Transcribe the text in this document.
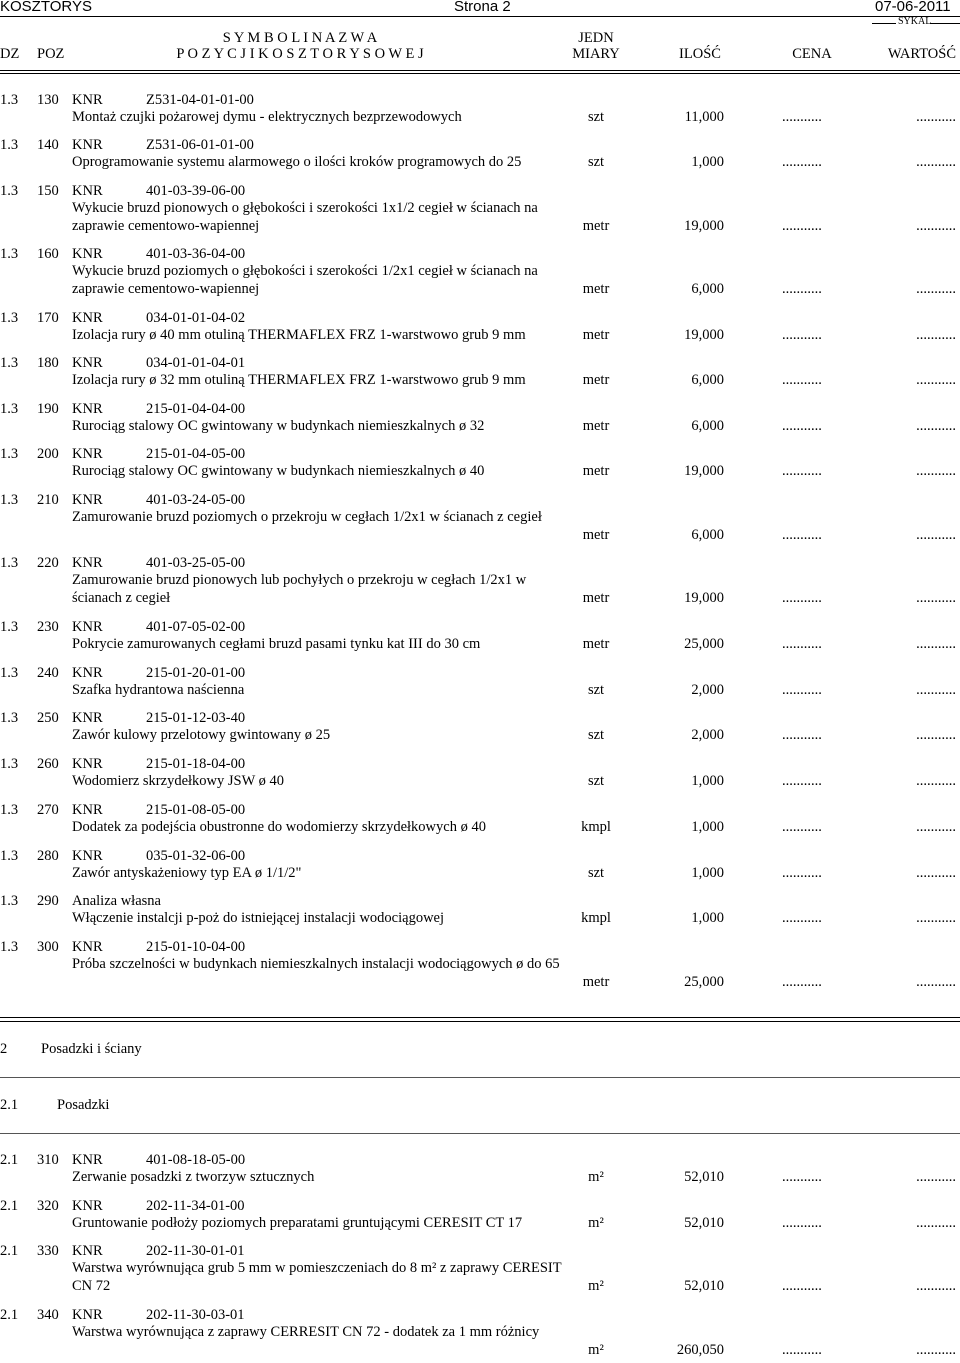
KOSZTORYS	Strona 2	07-06-2011
SYKAL
DZ POZ
S Y M B O L I N A Z W A
P O Z Y C J I K O S Z T O R Y S O W E J
JEDN
MIARY	ILOŚĆ	CENA	WARTOŚĆ
1.3 130 KNR	Z531-04-01-01-00
Montaż czujki pożarowej dymu - elektrycznych bezprzewodowych	szt	11,000	...........	...........
1.3 140 KNR	Z531-06-01-01-00
Oprogramowanie systemu alarmowego o ilości kroków programowych do 25	szt	1,000	...........	...........
1.3 150 KNR	401-03-39-06-00
Wykucie bruzd pionowych o głębokości i szerokości 1x1/2 cegieł w ścianach na zaprawie cementowo-wapiennej	metr	19,000	...........	...........
1.3 160 KNR	401-03-36-04-00
Wykucie bruzd poziomych o głębokości i szerokości 1/2x1 cegieł w ścianach na zaprawie cementowo-wapiennej	metr	6,000	...........	...........
1.3 170 KNR	034-01-01-04-02
Izolacja rury ø 40 mm otuliną THERMAFLEX FRZ 1-warstwowo grub 9 mm	metr	19,000	...........	...........
1.3 180 KNR	034-01-01-04-01
Izolacja rury ø 32 mm otuliną THERMAFLEX FRZ 1-warstwowo grub 9 mm	metr	6,000	...........	...........
1.3 190 KNR	215-01-04-04-00
Rurociąg stalowy OC gwintowany w budynkach niemieszkalnych ø 32	metr	6,000	...........	...........
1.3 200 KNR	215-01-04-05-00
Rurociąg stalowy OC gwintowany w budynkach niemieszkalnych ø 40	metr	19,000	...........	...........
1.3 210 KNR	401-03-24-05-00
Zamurowanie bruzd poziomych o przekroju w cegłach 1/2x1 w ścianach z cegieł
metr	6,000	...........	...........
1.3 220 KNR	401-03-25-05-00
Zamurowanie bruzd pionowych lub pochyłych o przekroju w cegłach 1/2x1 w ścianach z cegieł	metr	19,000	...........	...........
1.3 230 KNR	401-07-05-02-00
Pokrycie zamurowanych cegłami bruzd pasami tynku kat III do 30 cm	metr	25,000	...........	...........
1.3 240 KNR	215-01-20-01-00
Szafka hydrantowa naścienna	szt	2,000	...........	...........
1.3 250 KNR	215-01-12-03-40
Zawór kulowy przelotowy gwintowany ø 25	szt	2,000	...........	...........
1.3 260 KNR	215-01-18-04-00
Wodomierz skrzydełkowy JSW ø 40	szt	1,000	...........	...........
1.3 270 KNR	215-01-08-05-00
Dodatek za podejścia obustronne do wodomierzy skrzydełkowych ø 40	kmpl	1,000	...........	...........
1.3 280 KNR	035-01-32-06-00
Zawór antyskażeniowy typ EA ø 1/1/2"	szt	1,000	...........	...........
1.3 290 Analiza własna
Włączenie instalcji p-poż do istniejącej instalacji wodociągowej	kmpl	1,000	...........	...........
1.3 300 KNR	215-01-10-04-00
Próba szczelności w budynkach niemieszkalnych instalacji wodociągowych ø do 65
metr	25,000	...........	...........
2.1 310 KNR	401-08-18-05-00
Zerwanie posadzki z tworzyw sztucznych	m²	52,010	...........	...........
2.1 320 KNR	202-11-34-01-00
Gruntowanie podłoży poziomych preparatami gruntującymi CERESIT CT 17	m²	52,010	...........	...........
2.1 330 KNR	202-11-30-01-01
Warstwa wyrównująca grub 5 mm w pomieszczeniach do 8 m² z zaprawy CERESIT CN 72	m²	52,010	...........	...........
2.1 340 KNR	202-11-30-03-01
Warstwa wyrównująca z zaprawy CERRESIT CN 72 - dodatek za 1 mm różnicy
m²	260,050	...........	...........
2 Posadzki i ściany
2.1	Posadzki
